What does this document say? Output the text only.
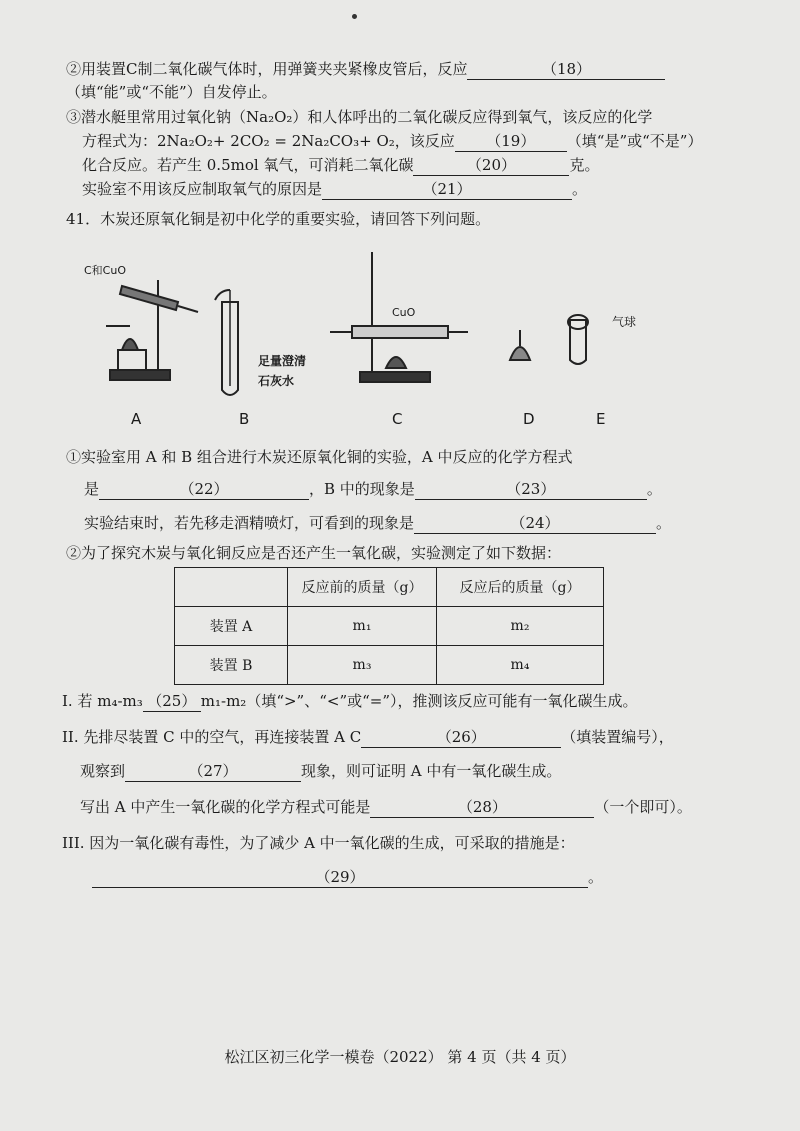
②用装置C制二氧化碳气体时，用弹簧夹夹紧橡皮管后，反应	（18）
（填“能”或“不能”）自发停止。
③潜水艇里常用过氧化钠（Na₂O₂）和人体呼出的二氧化碳反应得到氧气，该反应的化学
方程式为：2Na₂O₂+ 2CO₂ = 2Na₂CO₃+ O₂，该反应 （19） （填“是”或“不是”）
化合反应。若产生 0.5mol 氧气，可消耗二氧化碳	（20）	克。
实验室不用该反应制取氧气的原因是	（21）	。
41．木炭还原氧化铜是初中化学的重要实验，请回答下列问题。
C和CuO
足量澄清
石灰水
CuO
气球
A	B	C	D	E
①实验室用 A 和 B 组合进行木炭还原氧化铜的实验，A 中反应的化学方程式
是	（22）	，B 中的现象是	（23）	。
实验结束时，若先移走酒精喷灯，可看到的现象是	（24）	。
②为了探究木炭与氧化铜反应是否还产生一氧化碳，实验测定了如下数据：
	反应前的质量（g）	反应后的质量（g）
装置 A	m₁	m₂
装置 B	m₃	m₄
I. 若 m₄-m₃ （25） m₁-m₂（填“>”、“<”或“=”），推测该反应可能有一氧化碳生成。
II. 先排尽装置 C 中的空气，再连接装置 A C	（26）	（填装置编号），
观察到	（27）	现象，则可证明 A 中有一氧化碳生成。
写出 A 中产生一氧化碳的化学方程式可能是	（28）	（一个即可）。
III. 因为一氧化碳有毒性，为了减少 A 中一氧化碳的生成，可采取的措施是：
（29）	。
松江区初三化学一模卷（2022） 第 4 页（共 4 页）
